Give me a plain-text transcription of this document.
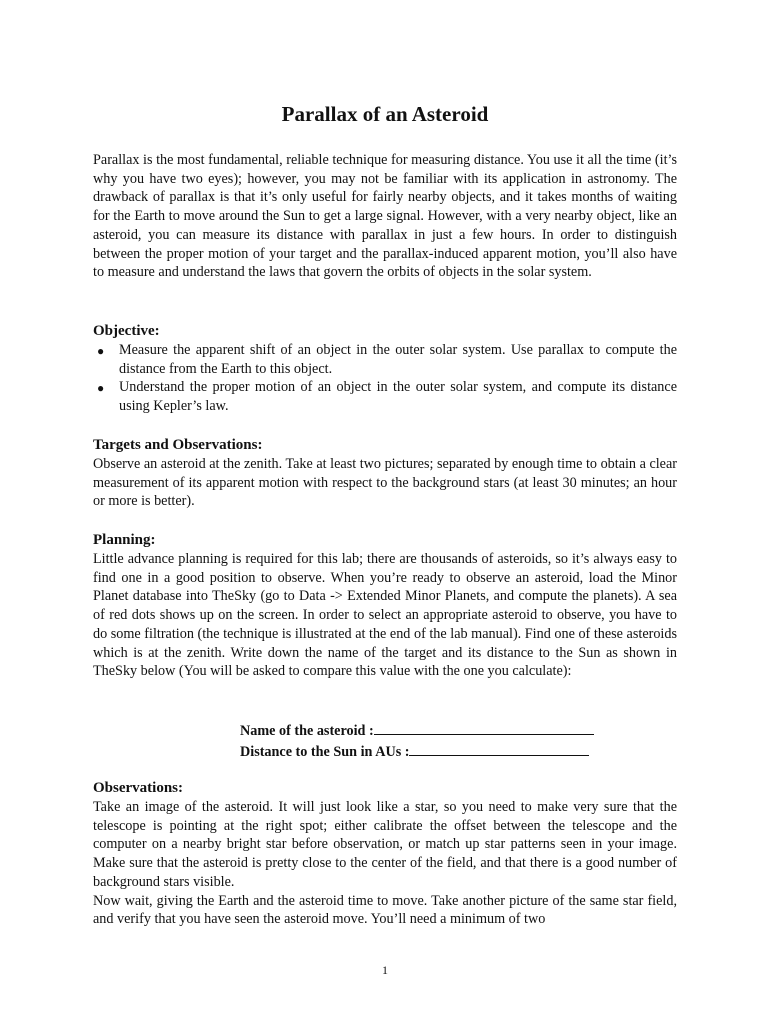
Parallax of an Asteroid

Parallax is the most fundamental, reliable technique for measuring distance. You use it all the time (it’s why you have two eyes); however, you may not be familiar with its application in astronomy. The drawback of parallax is that it’s only useful for fairly nearby objects, and it takes months of waiting for the Earth to move around the Sun to get a large signal. However, with a very nearby object, like an asteroid, you can measure its distance with parallax in just a few hours. In order to distinguish between the proper motion of your target and the parallax-induced apparent motion, you’ll also have to measure and understand the laws that govern the orbits of objects in the solar system.

Objective:
● Measure the apparent shift of an object in the outer solar system. Use parallax to compute the distance from the Earth to this object.
● Understand the proper motion of an object in the outer solar system, and compute its distance using Kepler’s law.
Targets and Observations:

Observe an asteroid at the zenith. Take at least two pictures; separated by enough time to obtain a clear measurement of its apparent motion with respect to the background stars (at least 30 minutes; an hour or more is better).

Planning:

Little advance planning is required for this lab; there are thousands of asteroids, so it’s always easy to find one in a good position to observe. When you’re ready to observe an asteroid, load the Minor Planet database into TheSky (go to Data -> Extended Minor Planets, and compute the planets). A sea of red dots shows up on the screen. In order to select an appropriate asteroid to observe, you have to do some filtration (the technique is illustrated at the end of the lab manual). Find one of these asteroids which is at the zenith. Write down the name of the target and its distance to the Sun as shown in TheSky below (You will be asked to compare this value with the one you calculate):

Name of the asteroid :
Distance to the Sun in AUs :
Observations:

Take an image of the asteroid. It will just look like a star, so you need to make very sure that the telescope is pointing at the right spot; either calibrate the offset between the telescope and the computer on a nearby bright star before observation, or match up star patterns seen in your image. Make sure that the asteroid is pretty close to the center of the field, and that there is a good number of background stars visible.

Now wait, giving the Earth and the asteroid time to move. Take another picture of the same star field, and verify that you have seen the asteroid move. You’ll need a minimum of two

1
